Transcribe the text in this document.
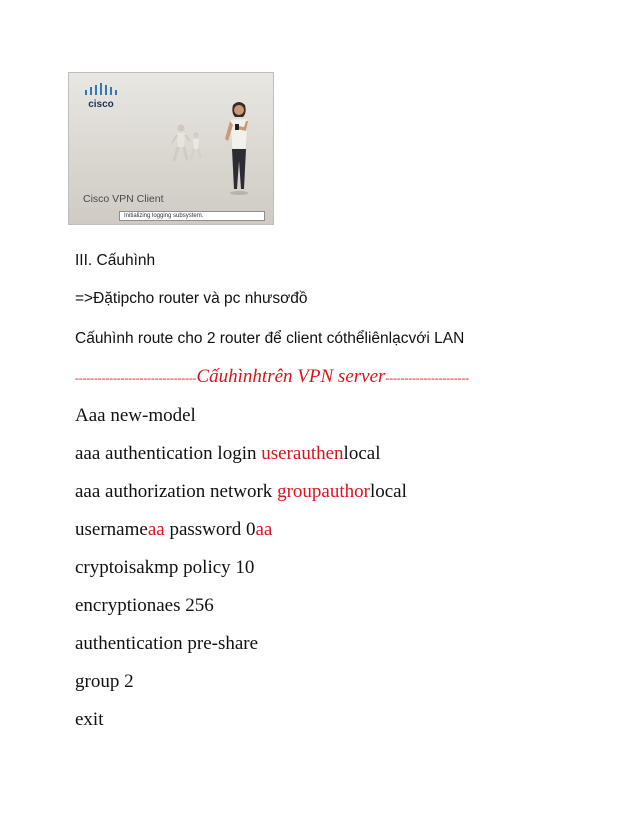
cisco
Cisco VPN Client
Initializing logging subsystem.

III. Cấuhình

=>Đặtipcho router và pc nhưsơđồ

Cấuhình route cho 2 router để client cóthểliênlạcvới LAN

--------------------------------Cấuhìnhtrên VPN server----------------------

Aaa new-model

aaa authentication login userauthenlocal

aaa authorization network groupauthorlocal

usernameaa password 0aa

cryptoisakmp policy 10

encryptionaes 256

authentication pre-share

group 2

exit
